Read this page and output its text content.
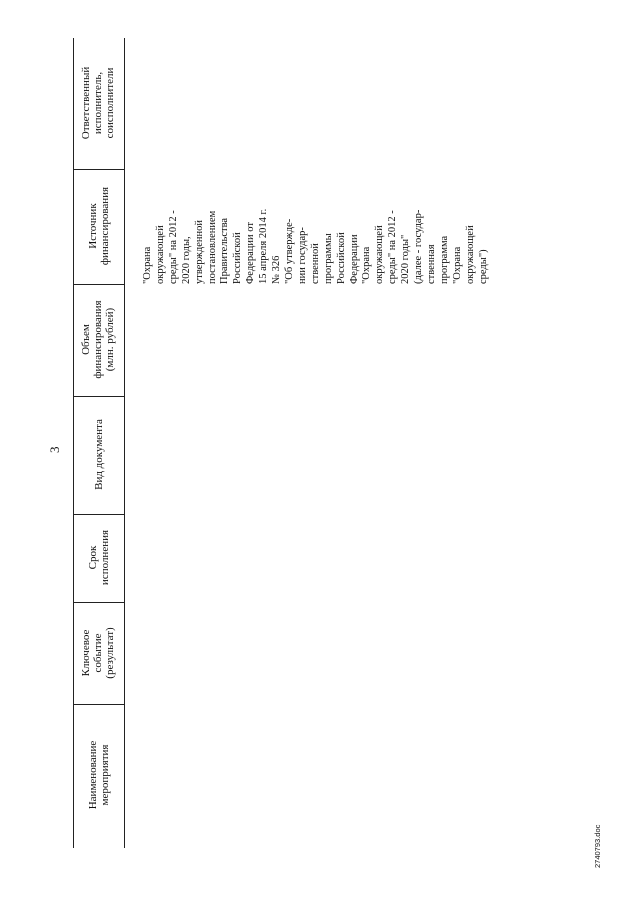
3
Наименование мероприятия
Ключевое событие (результат)
Срок исполнения
Вид документа
Объем финансирования (млн. рублей)
Источник финансирования
Ответственный исполнитель, соисполнители
"Охрана окружающей среды" на 2012 - 2020 годы, утвержденной постановлением Правительства Российской Федерации от 15 апреля 2014 г. № 326 "Об утвержде- нии государ- ственной программы Российской Федерации "Охрана окружающей среды" на 2012 - 2020 годы" (далее - государ- ственная программа "Охрана окружающей среды")
2740793.doc
